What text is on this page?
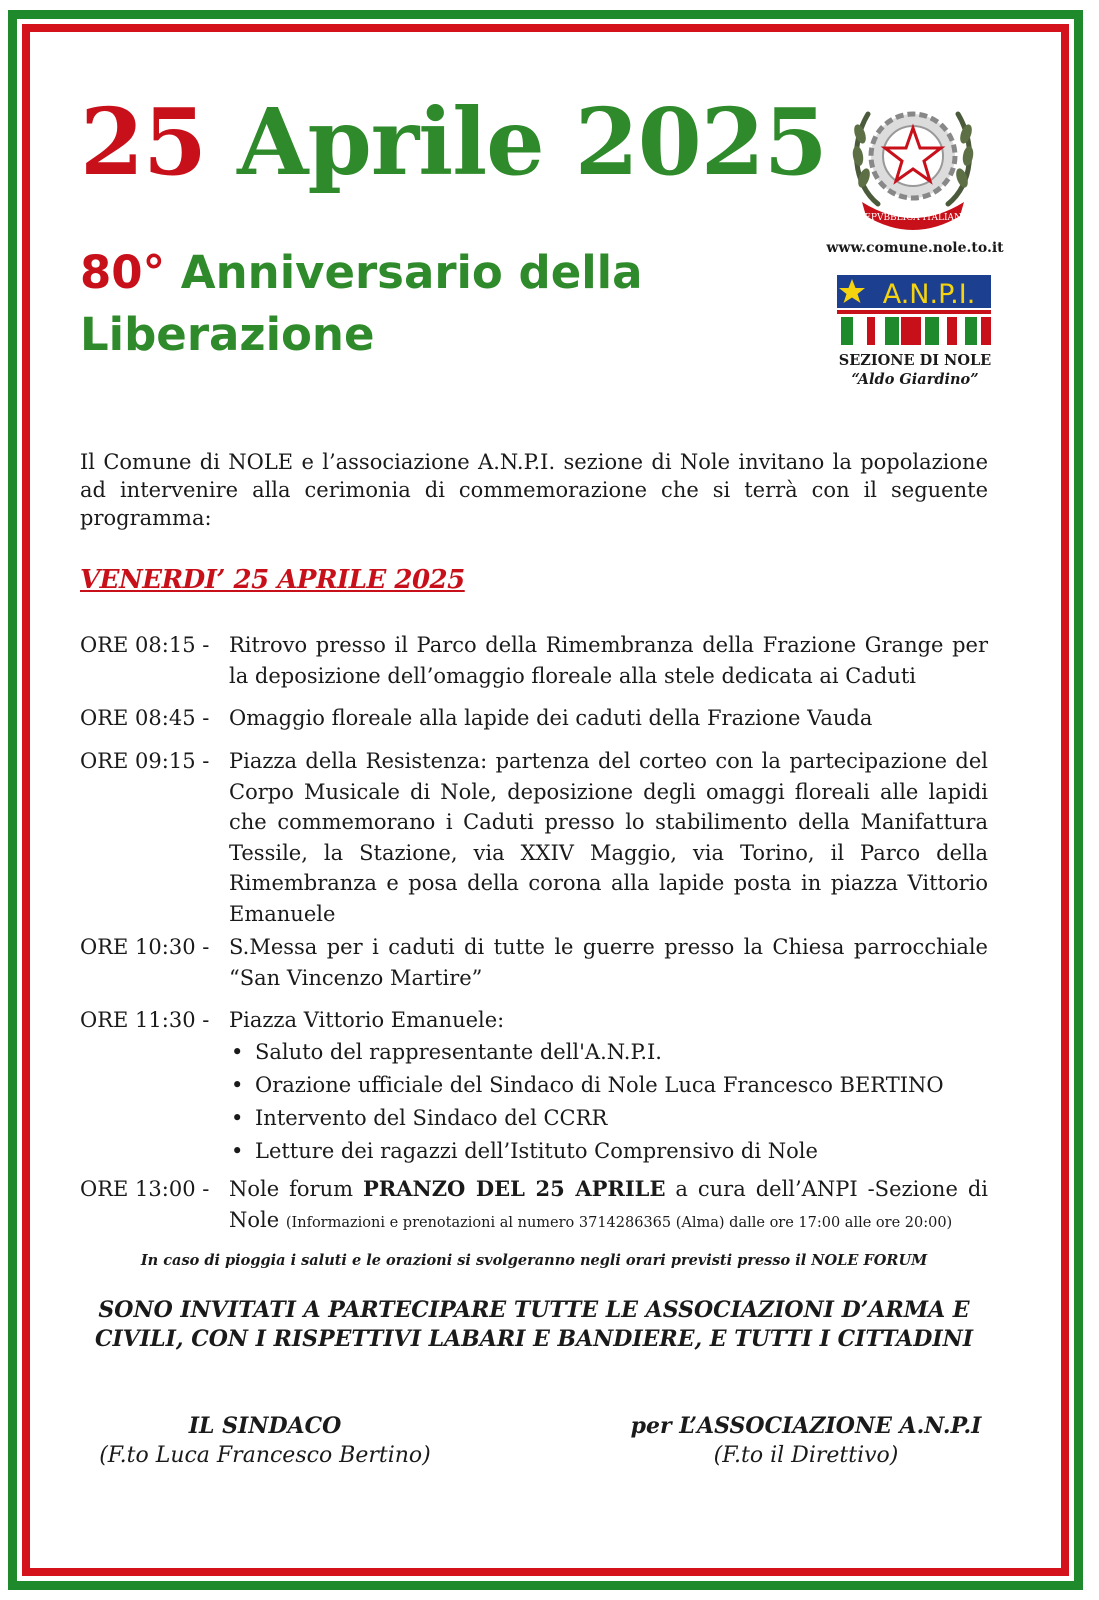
25 Aprile 2025
80° Anniversario della
Liberazione
REPVBBLICA ITALIANA
www.comune.nole.to.it
A.N.P.I.
SEZIONE DI NOLE
“Aldo Giardino”
Il Comune di NOLE e l’associazione A.N.P.I. sezione di Nole invitano la popolazione ad intervenire alla cerimonia di commemorazione che si terrà con il seguente programma:
VENERDI’ 25 APRILE 2025
ORE 08:15 - Ritrovo presso il Parco della Rimembranza della Frazione Grange per la deposizione dell’omaggio floreale alla stele dedicata ai Caduti
ORE 08:45 - Omaggio floreale alla lapide dei caduti della Frazione Vauda
ORE 09:15 - Piazza della Resistenza: partenza del corteo con la partecipazione del Corpo Musicale di Nole, deposizione degli omaggi floreali alle lapidi che commemorano i Caduti presso lo stabilimento della Manifattura Tessile, la Stazione, via XXIV Maggio, via Torino, il Parco della Rimembranza e posa della corona alla lapide posta in piazza Vittorio Emanuele
ORE 10:30 - S.Messa per i caduti di tutte le guerre presso la Chiesa parrocchiale “San Vincenzo Martire”
ORE 11:30 - Piazza Vittorio Emanuele:
• Saluto del rappresentante dell'A.N.P.I.
• Orazione ufficiale del Sindaco di Nole Luca Francesco BERTINO
• Intervento del Sindaco del CCRR
• Letture dei ragazzi dell’Istituto Comprensivo di Nole
ORE 13:00 - Nole forum PRANZO DEL 25 APRILE a cura dell’ANPI -Sezione di Nole (Informazioni e prenotazioni al numero 3714286365 (Alma) dalle ore 17:00 alle ore 20:00)
In caso di pioggia i saluti e le orazioni si svolgeranno negli orari previsti presso il NOLE FORUM
SONO INVITATI A PARTECIPARE TUTTE LE ASSOCIAZIONI D’ARMA E CIVILI, CON I RISPETTIVI LABARI E BANDIERE, E TUTTI I CITTADINI
IL SINDACO
(F.to Luca Francesco Bertino)
per L’ASSOCIAZIONE A.N.P.I
(F.to il Direttivo)
